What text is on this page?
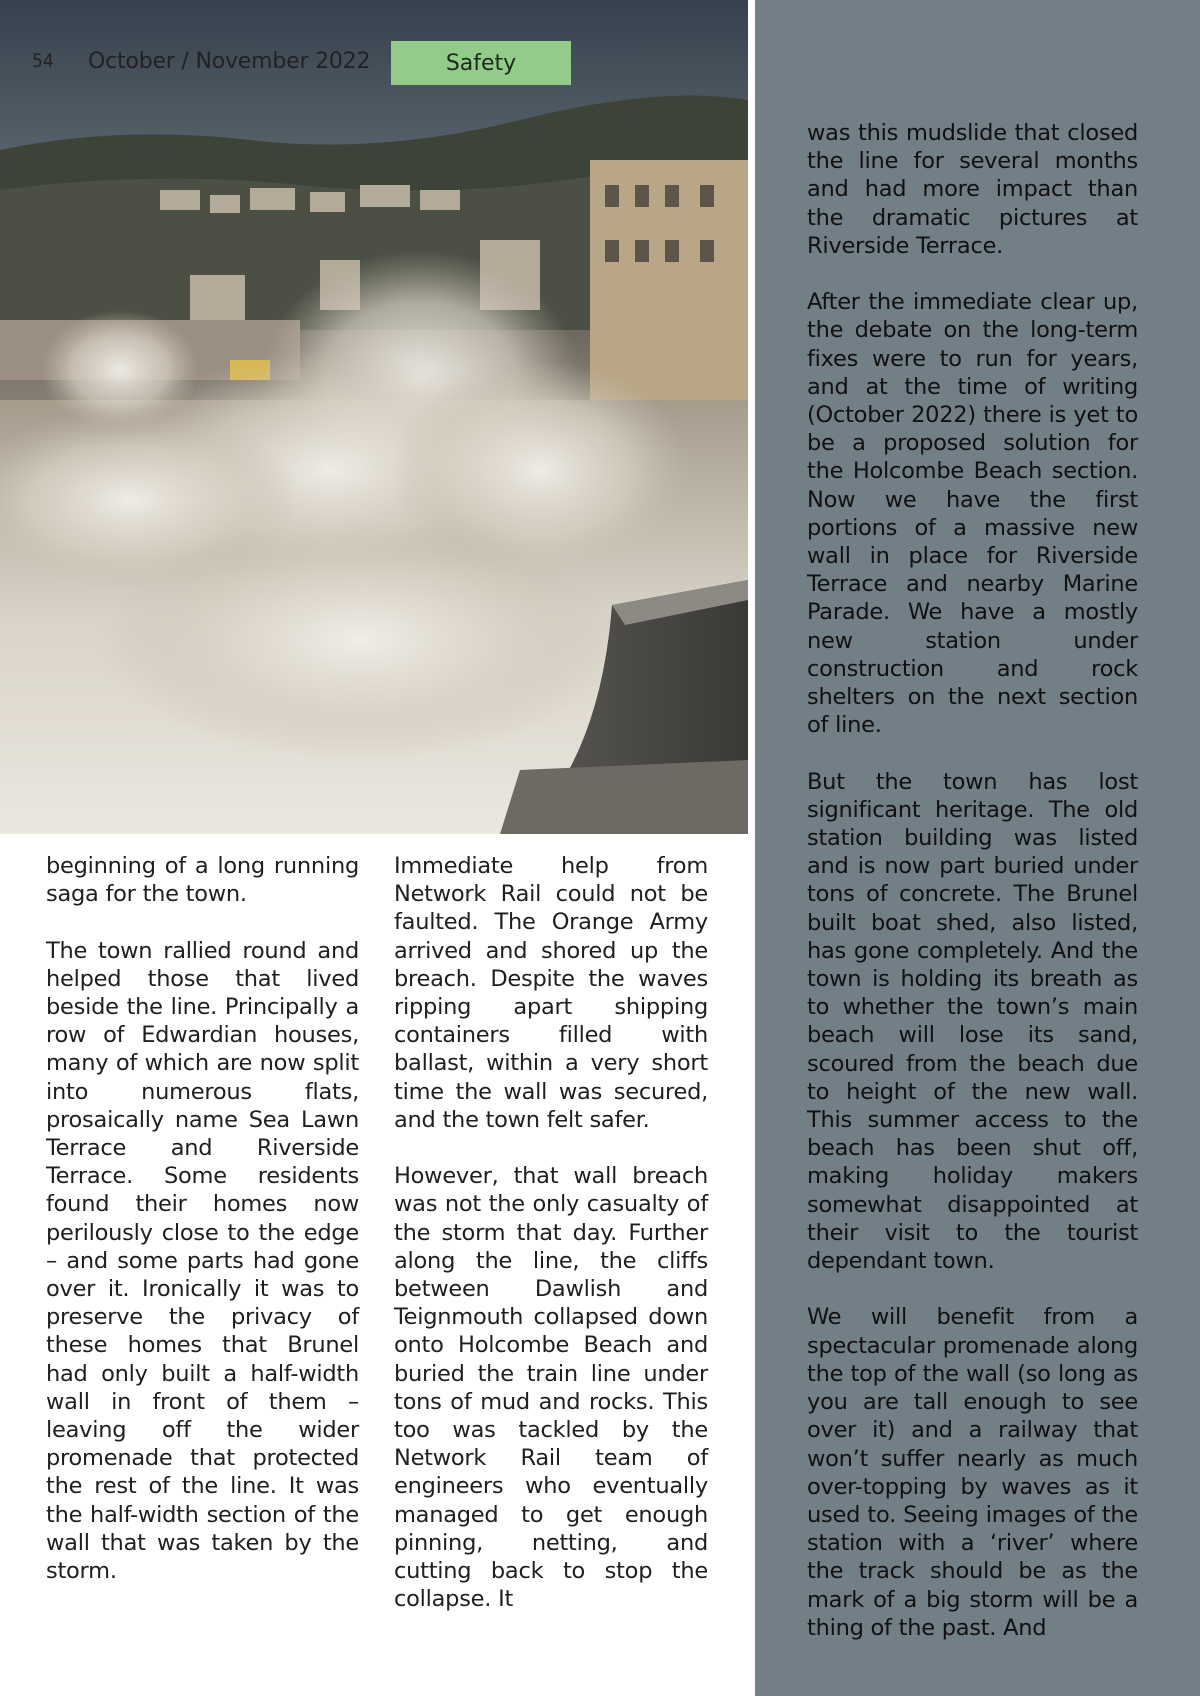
54 October / November 2022	Safety

beginning of a long running saga for the town.

The town rallied round and helped those that lived beside the line. Principally a row of Edwardian houses, many of which are now split into numerous flats, prosaically name Sea Lawn Terrace and Riverside Terrace. Some residents found their homes now perilously close to the edge – and some parts had gone over it. Ironically it was to preserve the privacy of these homes that Brunel had only built a half-width wall in front of them – leaving off the wider promenade that protected the rest of the line. It was the half-width section of the wall that was taken by the storm.

Immediate help from Network Rail could not be faulted. The Orange Army arrived and shored up the breach. Despite the waves ripping apart shipping containers filled with ballast, within a very short time the wall was secured, and the town felt safer.

However, that wall breach was not the only casualty of the storm that day. Further along the line, the cliffs between Dawlish and Teignmouth collapsed down onto Holcombe Beach and buried the train line under tons of mud and rocks. This too was tackled by the Network Rail team of engineers who eventually managed to get enough pinning, netting, and cutting back to stop the collapse. It

was this mudslide that closed the line for several months and had more impact than the dramatic pictures at Riverside Terrace.

After the immediate clear up, the debate on the long-term fixes were to run for years, and at the time of writing (October 2022) there is yet to be a proposed solution for the Holcombe Beach section. Now we have the first portions of a massive new wall in place for Riverside Terrace and nearby Marine Parade. We have a mostly new station under construction and rock shelters on the next section of line.

But the town has lost significant heritage. The old station building was listed and is now part buried under tons of concrete. The Brunel built boat shed, also listed, has gone completely. And the town is holding its breath as to whether the town’s main beach will lose its sand, scoured from the beach due to height of the new wall. This summer access to the beach has been shut off, making holiday makers somewhat disappointed at their visit to the tourist dependant town.

We will benefit from a spectacular promenade along the top of the wall (so long as you are tall enough to see over it) and a railway that won’t suffer nearly as much over-topping by waves as it used to. Seeing images of the station with a ‘river’ where the track should be as the mark of a big storm will be a thing of the past. And
